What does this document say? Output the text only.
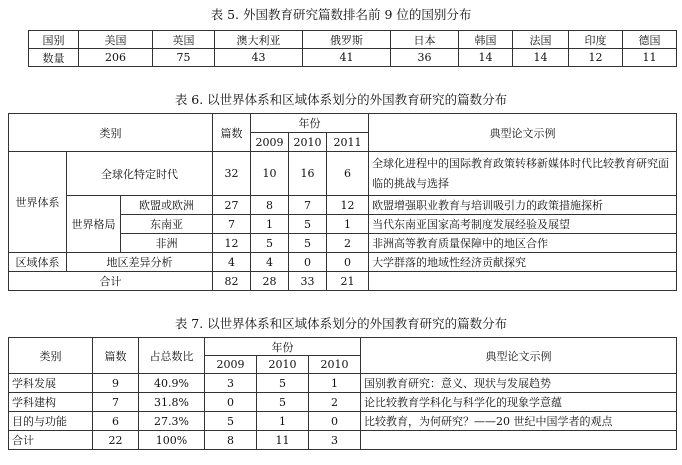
表 5. 外国教育研究篇数排名前 9 位的国别分布
国别	美国	英国	澳大利亚	俄罗斯	日本	韩国	法国	印度	德国
数量	206	75	43	41	36	14	14	12	11
表 6. 以世界体系和区域体系划分的外国教育研究的篇数分布
类别			篇数	年份			典型论文示例
				2009	2010	2011	
世界体系	全球化特定时代		32	10	16	6	全球化进程中的国际教育政策转移新媒体时代比较教育研究面临的挑战与选择
	世界格局	欧盟或欧洲	27	8	7	12	欧盟增强职业教育与培训吸引力的政策措施探析
		东南亚	7	1	5	1	当代东南亚国家高考制度发展经验及展望
		非洲	12	5	5	2	非洲高等教育质量保障中的地区合作
区域体系	地区差异分析		4	4	0	0	大学群落的地域性经济贡献探究
合计			82	28	33	21	
表 7. 以世界体系和区域体系划分的外国教育研究的篇数分布
类别	篇数	占总数比	年份			典型论文示例
			2009	2010	2010	
学科发展	9	40.9%	3	5	1	国别教育研究：意义、现状与发展趋势
学科建构	7	31.8%	0	5	2	论比较教育学科化与科学化的现象学意蕴
目的与功能	6	27.3%	5	1	0	比较教育，为何研究？——20 世纪中国学者的观点
合计	22	100%	8	11	3	
